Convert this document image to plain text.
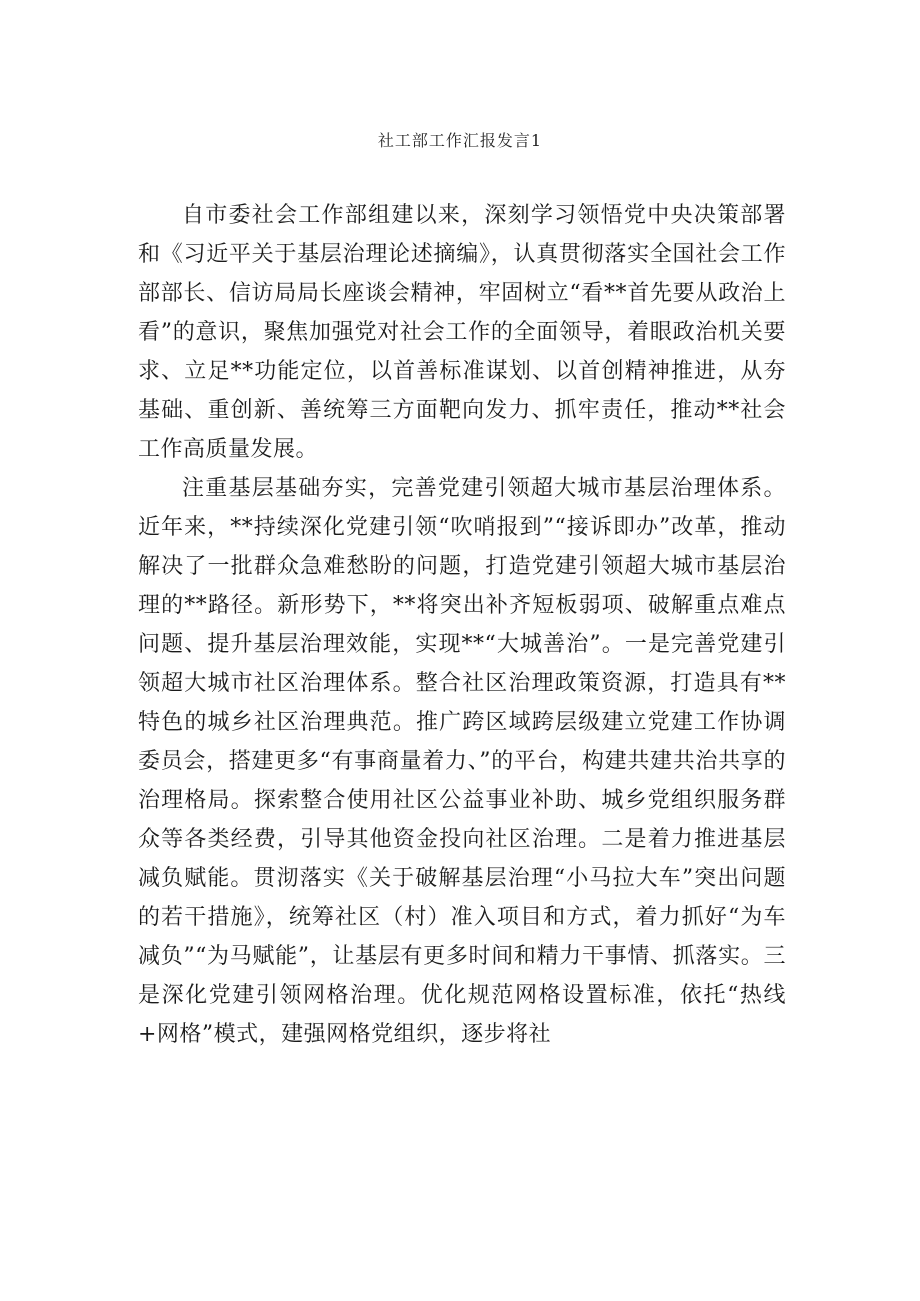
社工部工作汇报发言1

自市委社会工作部组建以来，深刻学习领悟党中央决策部署和《习近平关于基层治理论述摘编》，认真贯彻落实全国社会工作部部长、信访局局长座谈会精神，牢固树立“看**首先要从政治上看”的意识，聚焦加强党对社会工作的全面领导，着眼政治机关要求、立足**功能定位，以首善标准谋划、以首创精神推进，从夯基础、重创新、善统筹三方面靶向发力、抓牢责任，推动**社会工作高质量发展。

注重基层基础夯实，完善党建引领超大城市基层治理体系。近年来，**持续深化党建引领“吹哨报到”“接诉即办”改革，推动解决了一批群众急难愁盼的问题，打造党建引领超大城市基层治理的**路径。新形势下，**将突出补齐短板弱项、破解重点难点问题、提升基层治理效能，实现**“大城善治”。一是完善党建引领超大城市社区治理体系。整合社区治理政策资源，打造具有**特色的城乡社区治理典范。推广跨区域跨层级建立党建工作协调委员会，搭建更多“有事商量着力、”的平台，构建共建共治共享的治理格局。探索整合使用社区公益事业补助、城乡党组织服务群众等各类经费，引导其他资金投向社区治理。二是着力推进基层减负赋能。贯沏落实《关于破解基层治理“小马拉大车”突出问题的若干措施》，统筹社区（村）准入项目和方式，着力抓好“为车减负”“为马赋能”，让基层有更多时间和精力干事情、抓落实。三是深化党建引领网格治理。优化规范网格设置标准，依托“热线+网格”模式，建强网格党组织，逐步将社
